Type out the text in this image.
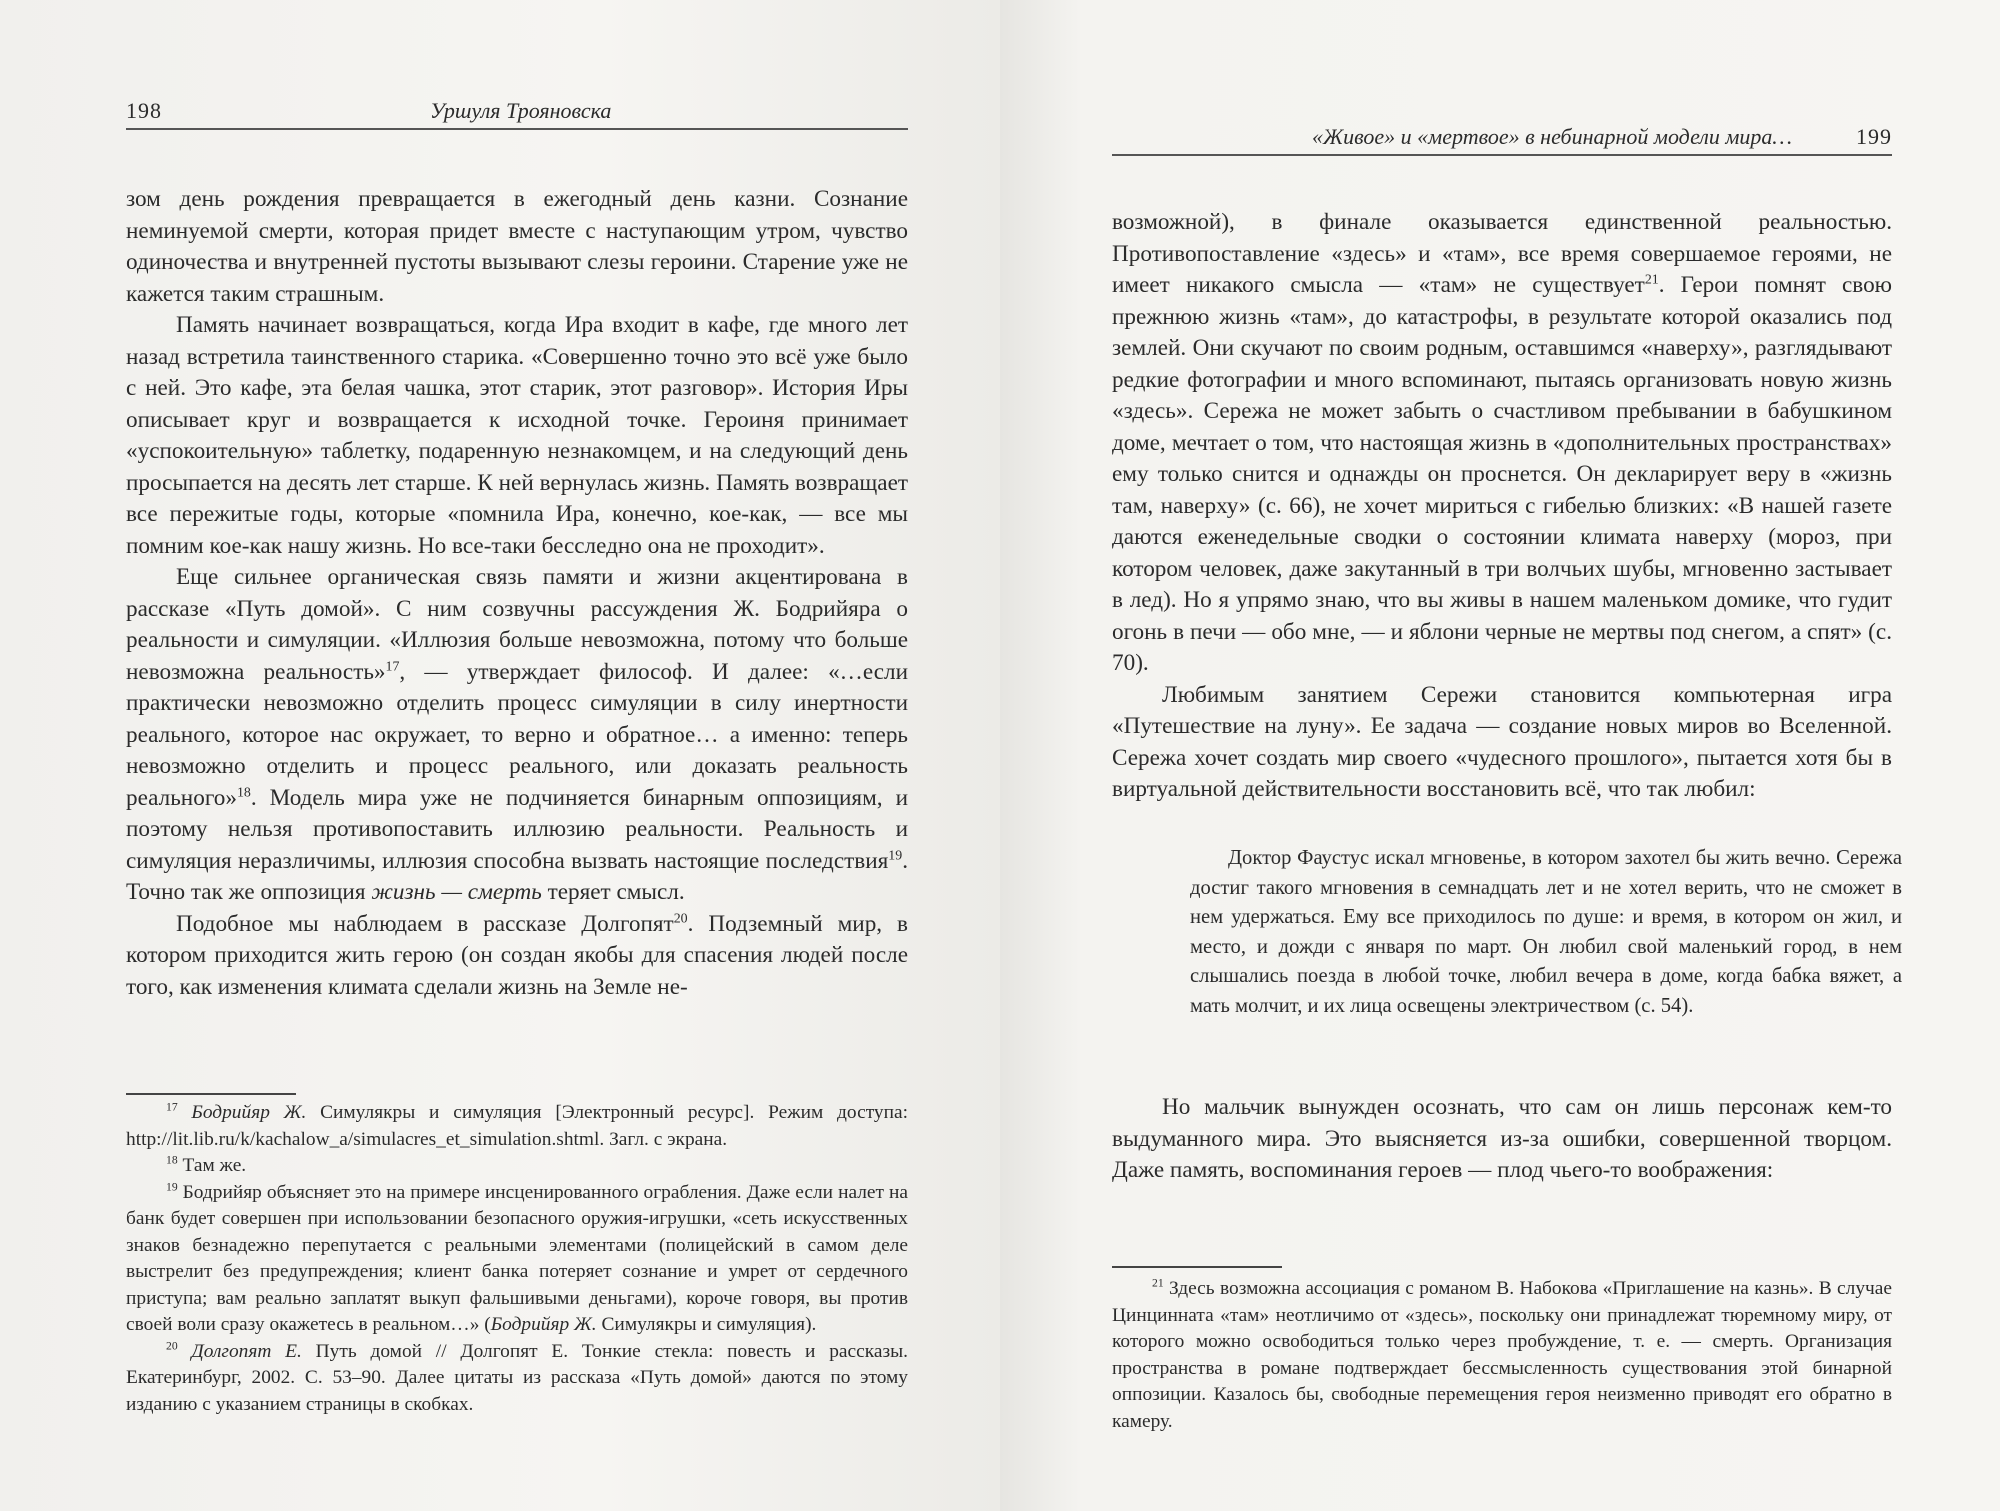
198	Уршуля Трояновска

зом день рождения превращается в ежегодный день казни. Сознание неминуемой смерти, которая придет вместе с наступающим утром, чувство одиночества и внутренней пустоты вызывают слезы героини. Старение уже не кажется таким страшным.

Память начинает возвращаться, когда Ира входит в кафе, где много лет назад встретила таинственного старика. «Совершенно точно это всё уже было с ней. Это кафе, эта белая чашка, этот старик, этот разговор». История Иры описывает круг и возвращается к исходной точке. Героиня принимает «успокоительную» таблетку, подаренную незнакомцем, и на следующий день просыпается на десять лет старше. К ней вернулась жизнь. Память возвращает все пережитые годы, которые «помнила Ира, конечно, кое-как, — все мы помним кое-как нашу жизнь. Но все-таки бесследно она не проходит».

Еще сильнее органическая связь памяти и жизни акцентирована в рассказе «Путь домой». С ним созвучны рассуждения Ж. Бодрийяра о реальности и симуляции. «Иллюзия больше невозможна, потому что больше невозможна реальность»$^{17}$, — утверждает философ. И далее: «…если практически невозможно отделить процесс симуляции в силу инертности реального, которое нас окружает, то верно и обратное… а именно: теперь невозможно отделить и процесс реального, или доказать реальность реального»$^{18}$. Модель мира уже не подчиняется бинарным оппозициям, и поэтому нельзя противопоставить иллюзию реальности. Реальность и симуляция неразличимы, иллюзия способна вызвать настоящие последствия$^{19}$. Точно так же оппозиция жизнь — смерть теряет смысл.

Подобное мы наблюдаем в рассказе Долгопят$^{20}$. Подземный мир, в котором приходится жить герою (он создан якобы для спасения людей после того, как изменения климата сделали жизнь на Земле не-

$^{17}$ Бодрийяр Ж. Симулякры и симуляция [Электронный ресурс]. Режим доступа: http://lit.lib.ru/k/kachalow_a/simulacres_et_simulation.shtml. Загл. с экрана.

$^{18}$ Там же.

$^{19}$ Бодрийяр объясняет это на примере инсценированного ограбления. Даже если налет на банк будет совершен при использовании безопасного оружия-игрушки, «сеть искусственных знаков безнадежно перепутается с реальными элементами (полицейский в самом деле выстрелит без предупреждения; клиент банка потеряет сознание и умрет от сердечного приступа; вам реально заплатят выкуп фальшивыми деньгами), короче говоря, вы против своей воли сразу окажетесь в реальном…» (Бодрийяр Ж. Симулякры и симуляция).

$^{20}$ Долгопят Е. Путь домой // Долгопят Е. Тонкие стекла: повесть и рассказы. Екатеринбург, 2002. С. 53–90. Далее цитаты из рассказа «Путь домой» даются по этому изданию с указанием страницы в скобках.

«Живое» и «мертвое» в небинарной модели мира…	199

возможной), в финале оказывается единственной реальностью. Противопоставление «здесь» и «там», все время совершаемое героями, не имеет никакого смысла — «там» не существует$^{21}$. Герои помнят свою прежнюю жизнь «там», до катастрофы, в результате которой оказались под землей. Они скучают по своим родным, оставшимся «наверху», разглядывают редкие фотографии и много вспоминают, пытаясь организовать новую жизнь «здесь». Сережа не может забыть о счастливом пребывании в бабушкином доме, мечтает о том, что настоящая жизнь в «дополнительных пространствах» ему только снится и однажды он проснется. Он декларирует веру в «жизнь там, наверху» (с. 66), не хочет мириться с гибелью близких: «В нашей газете даются еженедельные сводки о состоянии климата наверху (мороз, при котором человек, даже закутанный в три волчьих шубы, мгновенно застывает в лед). Но я упрямо знаю, что вы живы в нашем маленьком домике, что гудит огонь в печи — обо мне, — и яблони черные не мертвы под снегом, а спят» (с. 70).

Любимым занятием Сережи становится компьютерная игра «Путешествие на луну». Ее задача — создание новых миров во Вселенной. Сережа хочет создать мир своего «чудесного прошлого», пытается хотя бы в виртуальной действительности восстановить всё, что так любил:

Доктор Фаустус искал мгновенье, в котором захотел бы жить вечно. Сережа достиг такого мгновения в семнадцать лет и не хотел верить, что не сможет в нем удержаться. Ему все приходилось по душе: и время, в котором он жил, и место, и дожди с января по март. Он любил свой маленький город, в нем слышались поезда в любой точке, любил вечера в доме, когда бабка вяжет, а мать молчит, и их лица освещены электричеством (с. 54).

Но мальчик вынужден осознать, что сам он лишь персонаж кем-то выдуманного мира. Это выясняется из-за ошибки, совершенной творцом. Даже память, воспоминания героев — плод чьего-то воображения:

$^{21}$ Здесь возможна ассоциация с романом В. Набокова «Приглашение на казнь». В случае Цинцинната «там» неотличимо от «здесь», поскольку они принадлежат тюремному миру, от которого можно освободиться только через пробуждение, т. е. — смерть. Организация пространства в романе подтверждает бессмысленность существования этой бинарной оппозиции. Казалось бы, свободные перемещения героя неизменно приводят его обратно в камеру.
